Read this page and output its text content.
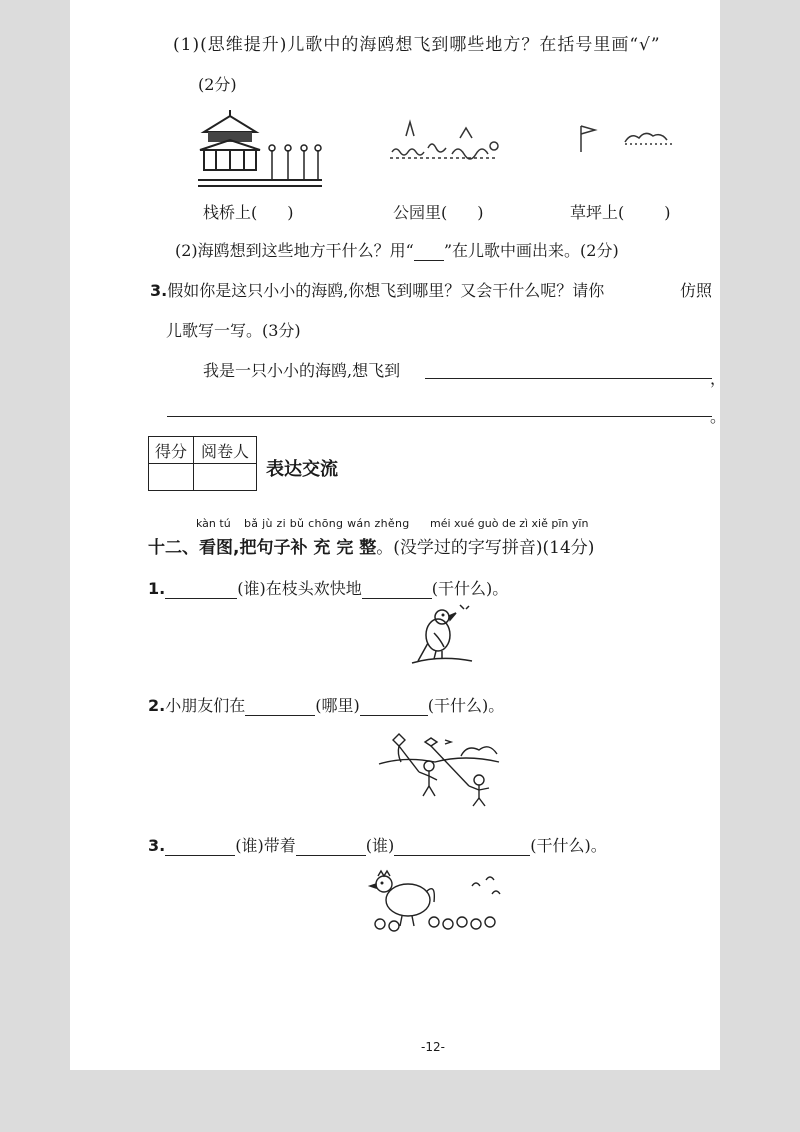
(1)(思维提升)儿歌中的海鸥想飞到哪些地方？在括号里画“√”
(2分)
栈桥上( )	公园里( )	草坪上(	)
(2)海鸥想到这些地方干什么？用“ ”在儿歌中画出来。(2分)
3.假如你是这只小小的海鸥,你想飞到哪里？又会干什么呢？请你	仿照
儿歌写一写。(3分)
我是一只小小的海鸥,想飞到	，
。
得分	阅卷人

表达交流
kàn tú bǎ jù zi bǔ chōng wán zhěng méi xué guò de zì xiě pīn yīn
十二、看图,把句子补 充 完 整。(没学过的字写拼音)(14分)
1.	(谁)在枝头欢快地	(干什么)。
2.小朋友们在	(哪里)	(干什么)。
3.	(谁)带着	(谁)	(干什么)。
-12-
